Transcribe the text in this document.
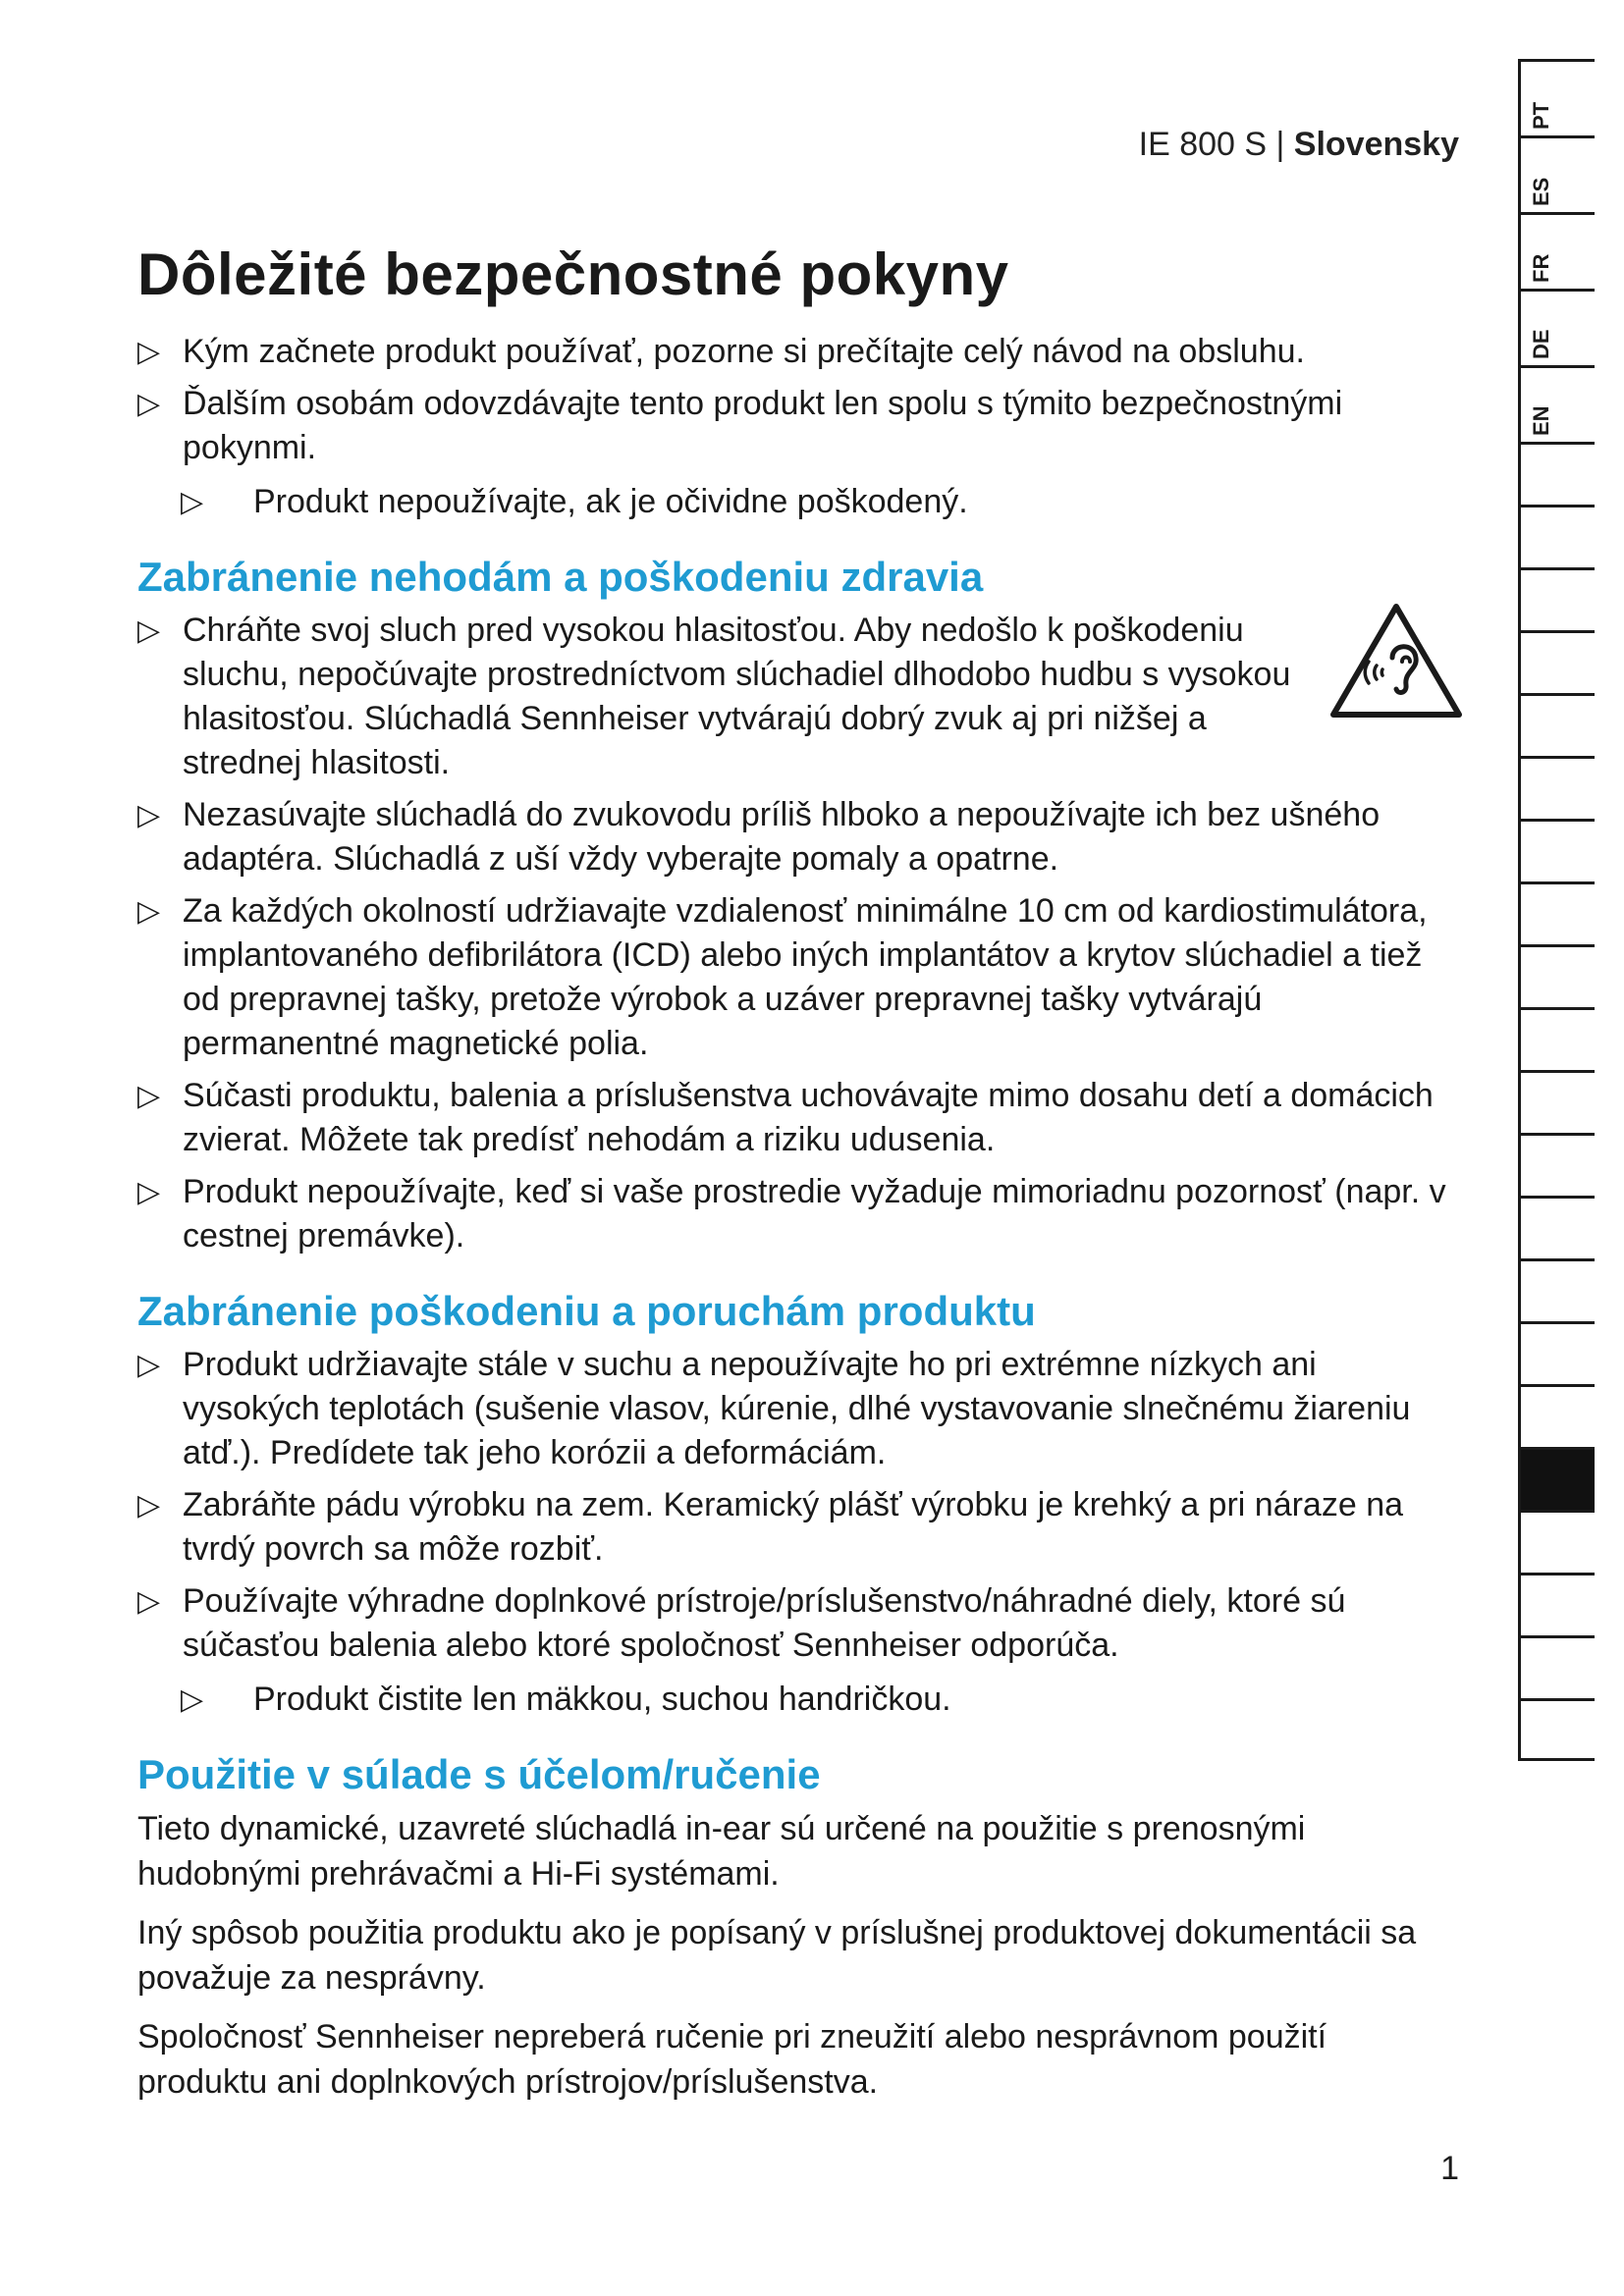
IE 800 S | Slovensky
Dôležité bezpečnostné pokyny
▷ Kým začnete produkt používať, pozorne si prečítajte celý návod na obsluhu.
▷ Ďalším osobám odovzdávajte tento produkt len spolu s týmito bezpečnostnými pokynmi.
▷ Produkt nepoužívajte, ak je očividne poškodený.
Zabránenie nehodám a poškodeniu zdravia
▷ Chráňte svoj sluch pred vysokou hlasitosťou. Aby nedošlo k poškodeniu sluchu, nepočúvajte prostredníctvom slúchadiel dlhodobo hudbu s vysokou hlasitosťou. Slúchadlá Sennheiser vytvárajú dobrý zvuk aj pri nižšej a strednej hlasitosti.
▷ Nezasúvajte slúchadlá do zvukovodu príliš hlboko a nepoužívajte ich bez ušného adaptéra. Slúchadlá z uší vždy vyberajte pomaly a opatrne.
▷ Za každých okolností udržiavajte vzdialenosť minimálne 10 cm od kardiostimulátora, implantovaného defibrilátora (ICD) alebo iných implantátov a krytov slúchadiel a tiež od prepravnej tašky, pretože výrobok a uzáver prepravnej tašky vytvárajú permanentné magnetické polia.
▷ Súčasti produktu, balenia a príslušenstva uchovávajte mimo dosahu detí a domácich zvierat. Môžete tak predísť nehodám a riziku udusenia.
▷ Produkt nepoužívajte, keď si vaše prostredie vyžaduje mimoriadnu pozornosť (napr. v cestnej premávke).
Zabránenie poškodeniu a poruchám produktu
▷ Produkt udržiavajte stále v suchu a nepoužívajte ho pri extrémne nízkych ani vysokých teplotách (sušenie vlasov, kúrenie, dlhé vystavovanie slnečnému žiareniu atď.). Predídete tak jeho korózii a deformáciám.
▷ Zabráňte pádu výrobku na zem. Keramický plášť výrobku je krehký a pri náraze na tvrdý povrch sa môže rozbiť.
▷ Používajte výhradne doplnkové prístroje/príslušenstvo/náhradné diely, ktoré sú súčasťou balenia alebo ktoré spoločnosť Sennheiser odporúča.
▷ Produkt čistite len mäkkou, suchou handričkou.
Použitie v súlade s účelom/ručenie

Tieto dynamické, uzavreté slúchadlá in-ear sú určené na použitie s prenosnými hudobnými prehrávačmi a Hi-Fi systémami.

Iný spôsob použitia produktu ako je popísaný v príslušnej produktovej dokumentácii sa považuje za nesprávny.

Spoločnosť Sennheiser nepreberá ručenie pri zneužití alebo nesprávnom použití produktu ani doplnkových prístrojov/príslušenstva.

1
PT
ES
FR
DE
EN
